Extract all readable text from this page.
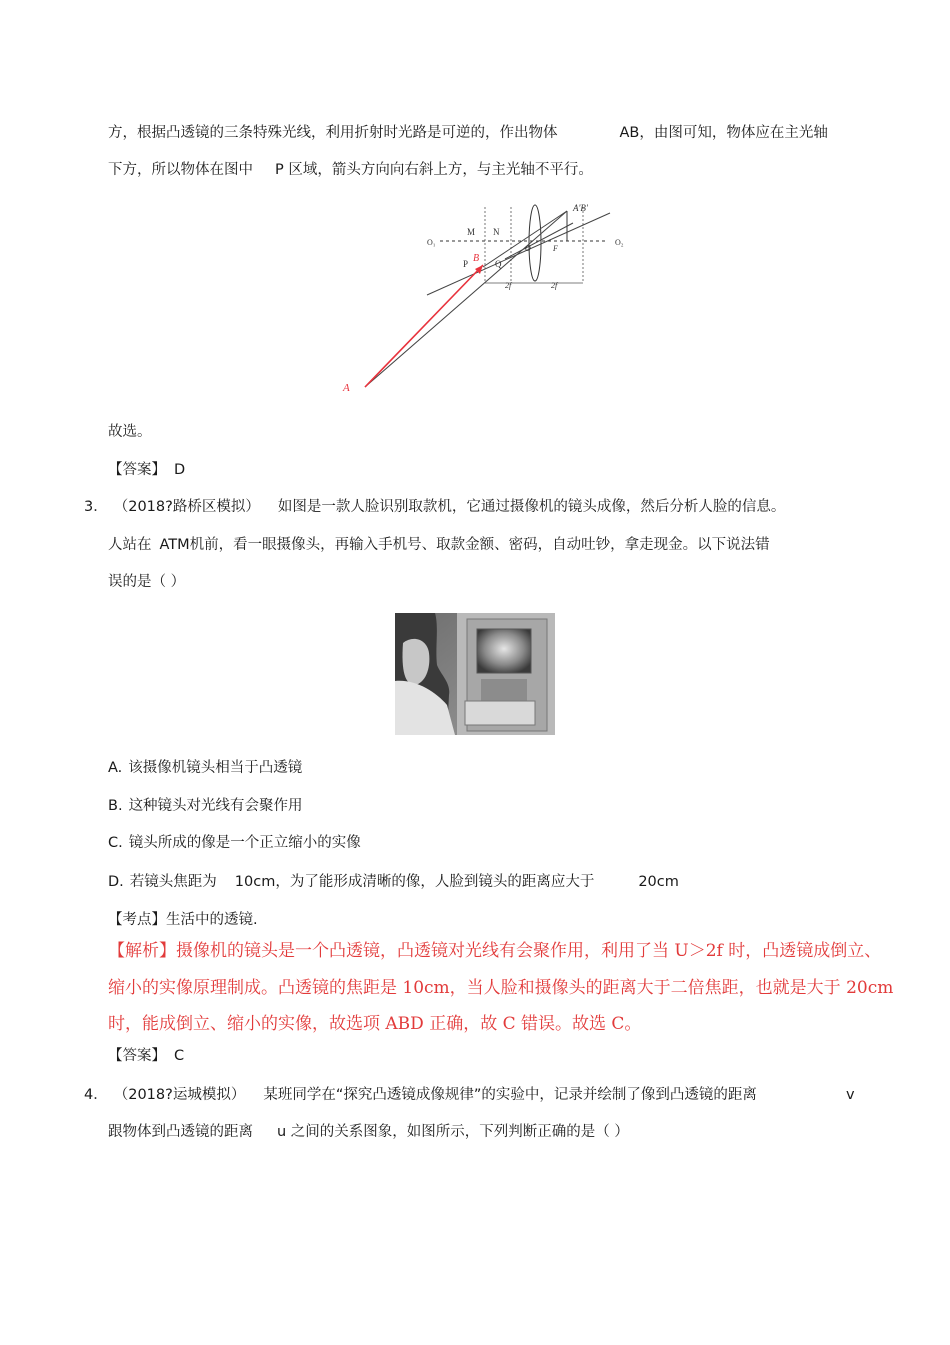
方，根据凸透镜的三条特殊光线，利用折射时光路是可逆的，作出物体	AB，由图可知，物体应在主光轴
下方，所以物体在图中 P 区域，箭头方向向右斜上方，与主光轴不平行。
A
B
A'B'
M N
P	Q
O	F
O₁	O₂
2f	2f
故选。
【答案】 D
3． （2018?路桥区模拟） 如图是一款人脸识别取款机，它通过摄像机的镜头成像，然后分析人脸的信息。
人站在 ATM机前，看一眼摄像头，再输入手机号、取款金额、密码，自动吐钞，拿走现金。以下说法错
误的是（ ）
A. 该摄像机镜头相当于凸透镜
B. 这种镜头对光线有会聚作用
C. 镜头所成的像是一个正立缩小的实像
D. 若镜头焦距为 10cm，为了能形成清晰的像，人脸到镜头的距离应大于	20cm
【考点】生活中的透镜.
【解析】摄像机的镜头是一个凸透镜，凸透镜对光线有会聚作用，利用了当 U＞2f 时，凸透镜成倒立、
缩小的实像原理制成。凸透镜的焦距是 10cm，当人脸和摄像头的距离大于二倍焦距，也就是大于 20cm
时，能成倒立、缩小的实像，故选项 ABD 正确，故 C 错误。故选 C。
【答案】 C
4． （2018?运城模拟） 某班同学在“探究凸透镜成像规律”的实验中，记录并绘制了像到凸透镜的距离	v
跟物体到凸透镜的距离 u 之间的关系图象，如图所示，下列判断正确的是（ ）
